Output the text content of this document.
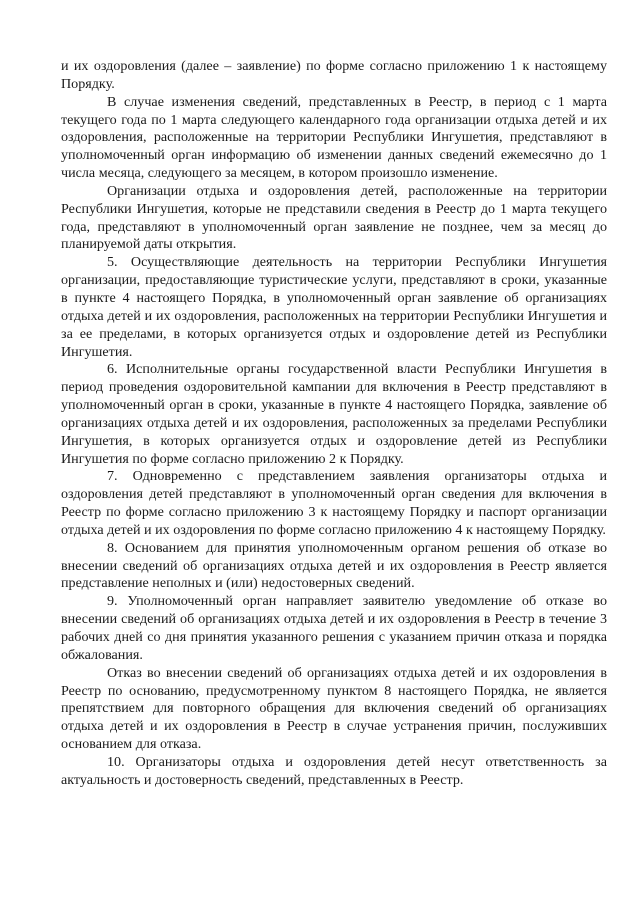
и их оздоровления (далее – заявление) по форме согласно приложению 1 к настоящему Порядку.

В случае изменения сведений, представленных в Реестр, в период с 1 марта текущего года по 1 марта следующего календарного года организации отдыха детей и их оздоровления, расположенные на территории Республики Ингушетия, представляют в уполномоченный орган информацию об изменении данных сведений ежемесячно до 1 числа месяца, следующего за месяцем, в котором произошло изменение.

Организации отдыха и оздоровления детей, расположенные на территории Республики Ингушетия, которые не представили сведения в Реестр до 1 марта текущего года, представляют в уполномоченный орган заявление не позднее, чем за месяц до планируемой даты открытия.

5. Осуществляющие деятельность на территории Республики Ингушетия организации, предоставляющие туристические услуги, представляют в сроки, указанные в пункте 4 настоящего Порядка, в уполномоченный орган заявление об организациях отдыха детей и их оздоровления, расположенных на территории Республики Ингушетия и за ее пределами, в которых организуется отдых и оздоровление детей из Республики Ингушетия.

6. Исполнительные органы государственной власти Республики Ингушетия в период проведения оздоровительной кампании для включения в Реестр представляют в уполномоченный орган в сроки, указанные в пункте 4 настоящего Порядка, заявление об организациях отдыха детей и их оздоровления, расположенных за пределами Республики Ингушетия, в которых организуется отдых и оздоровление детей из Республики Ингушетия по форме согласно приложению 2 к Порядку.

7. Одновременно с представлением заявления организаторы отдыха и оздоровления детей представляют в уполномоченный орган сведения для включения в Реестр по форме согласно приложению 3 к настоящему Порядку и паспорт организации отдыха детей и их оздоровления по форме согласно приложению 4 к настоящему Порядку.

8. Основанием для принятия уполномоченным органом решения об отказе во внесении сведений об организациях отдыха детей и их оздоровления в Реестр является представление неполных и (или) недостоверных сведений.

9. Уполномоченный орган направляет заявителю уведомление об отказе во внесении сведений об организациях отдыха детей и их оздоровления в Реестр в течение 3 рабочих дней со дня принятия указанного решения с указанием причин отказа и порядка обжалования.

Отказ во внесении сведений об организациях отдыха детей и их оздоровления в Реестр по основанию, предусмотренному пунктом 8 настоящего Порядка, не является препятствием для повторного обращения для включения сведений об организациях отдыха детей и их оздоровления в Реестр в случае устранения причин, послуживших основанием для отказа.

10. Организаторы отдыха и оздоровления детей несут ответственность за актуальность и достоверность сведений, представленных в Реестр.
